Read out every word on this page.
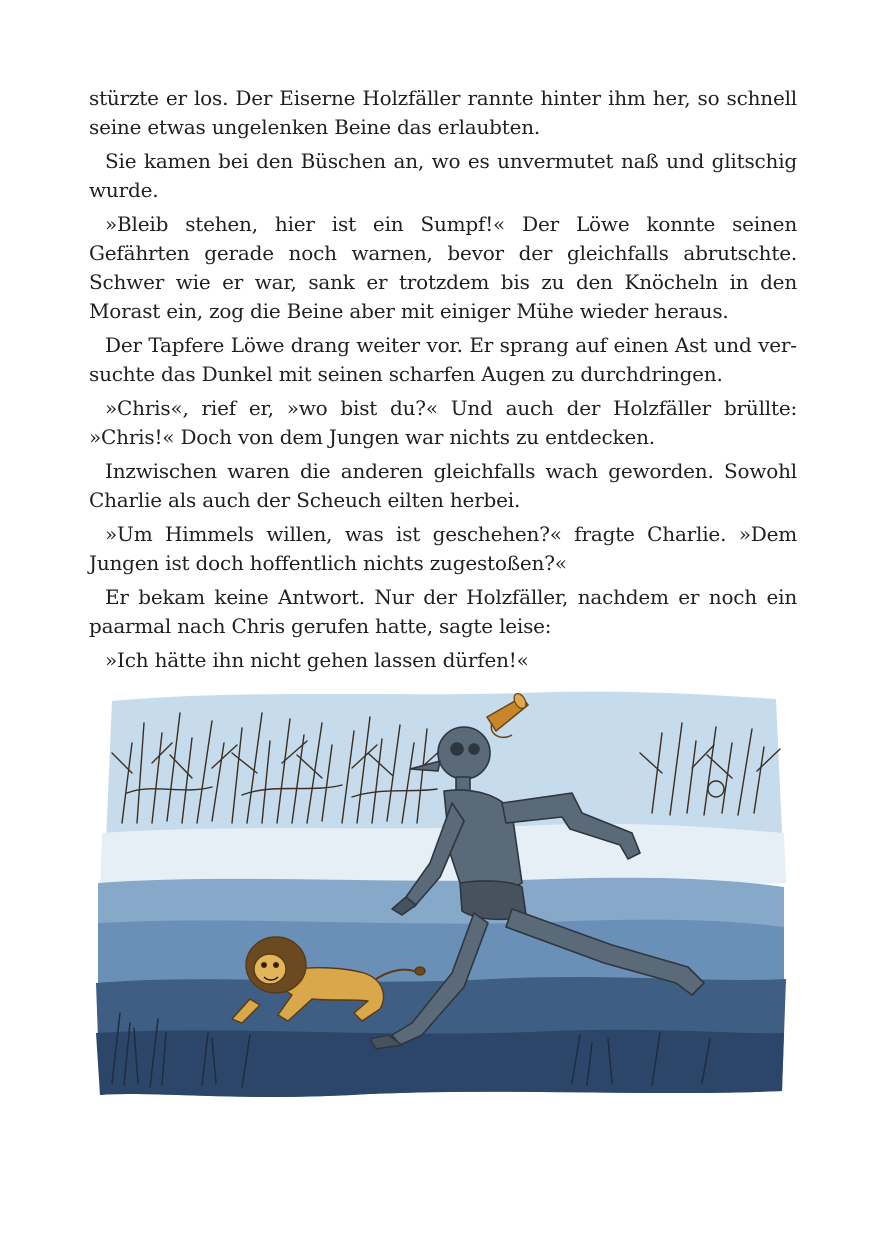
stürzte er los. Der Eiserne Holzfäller rannte hinter ihm her, so schnell seine etwas ungelenken Beine das erlaubten.

Sie kamen bei den Büschen an, wo es unvermutet naß und glitschig wurde.

»Bleib stehen, hier ist ein Sumpf!« Der Löwe konnte seinen Gefährten gerade noch warnen, bevor der gleichfalls abrutschte. Schwer wie er war, sank er trotzdem bis zu den Knöcheln in den Morast ein, zog die Beine aber mit einiger Mühe wieder heraus.

Der Tapfere Löwe drang weiter vor. Er sprang auf einen Ast und versuchte das Dunkel mit seinen scharfen Augen zu durchdringen.

»Chris«, rief er, »wo bist du?« Und auch der Holzfäller brüllte: »Chris!« Doch von dem Jungen war nichts zu entdecken.

Inzwischen waren die anderen gleichfalls wach geworden. Sowohl Charlie als auch der Scheuch eilten herbei.

»Um Himmels willen, was ist geschehen?« fragte Charlie. »Dem Jungen ist doch hoffentlich nichts zugestoßen?«

Er bekam keine Antwort. Nur der Holzfäller, nachdem er noch ein paarmal nach Chris gerufen hatte, sagte leise:

»Ich hätte ihn nicht gehen lassen dürfen!«
